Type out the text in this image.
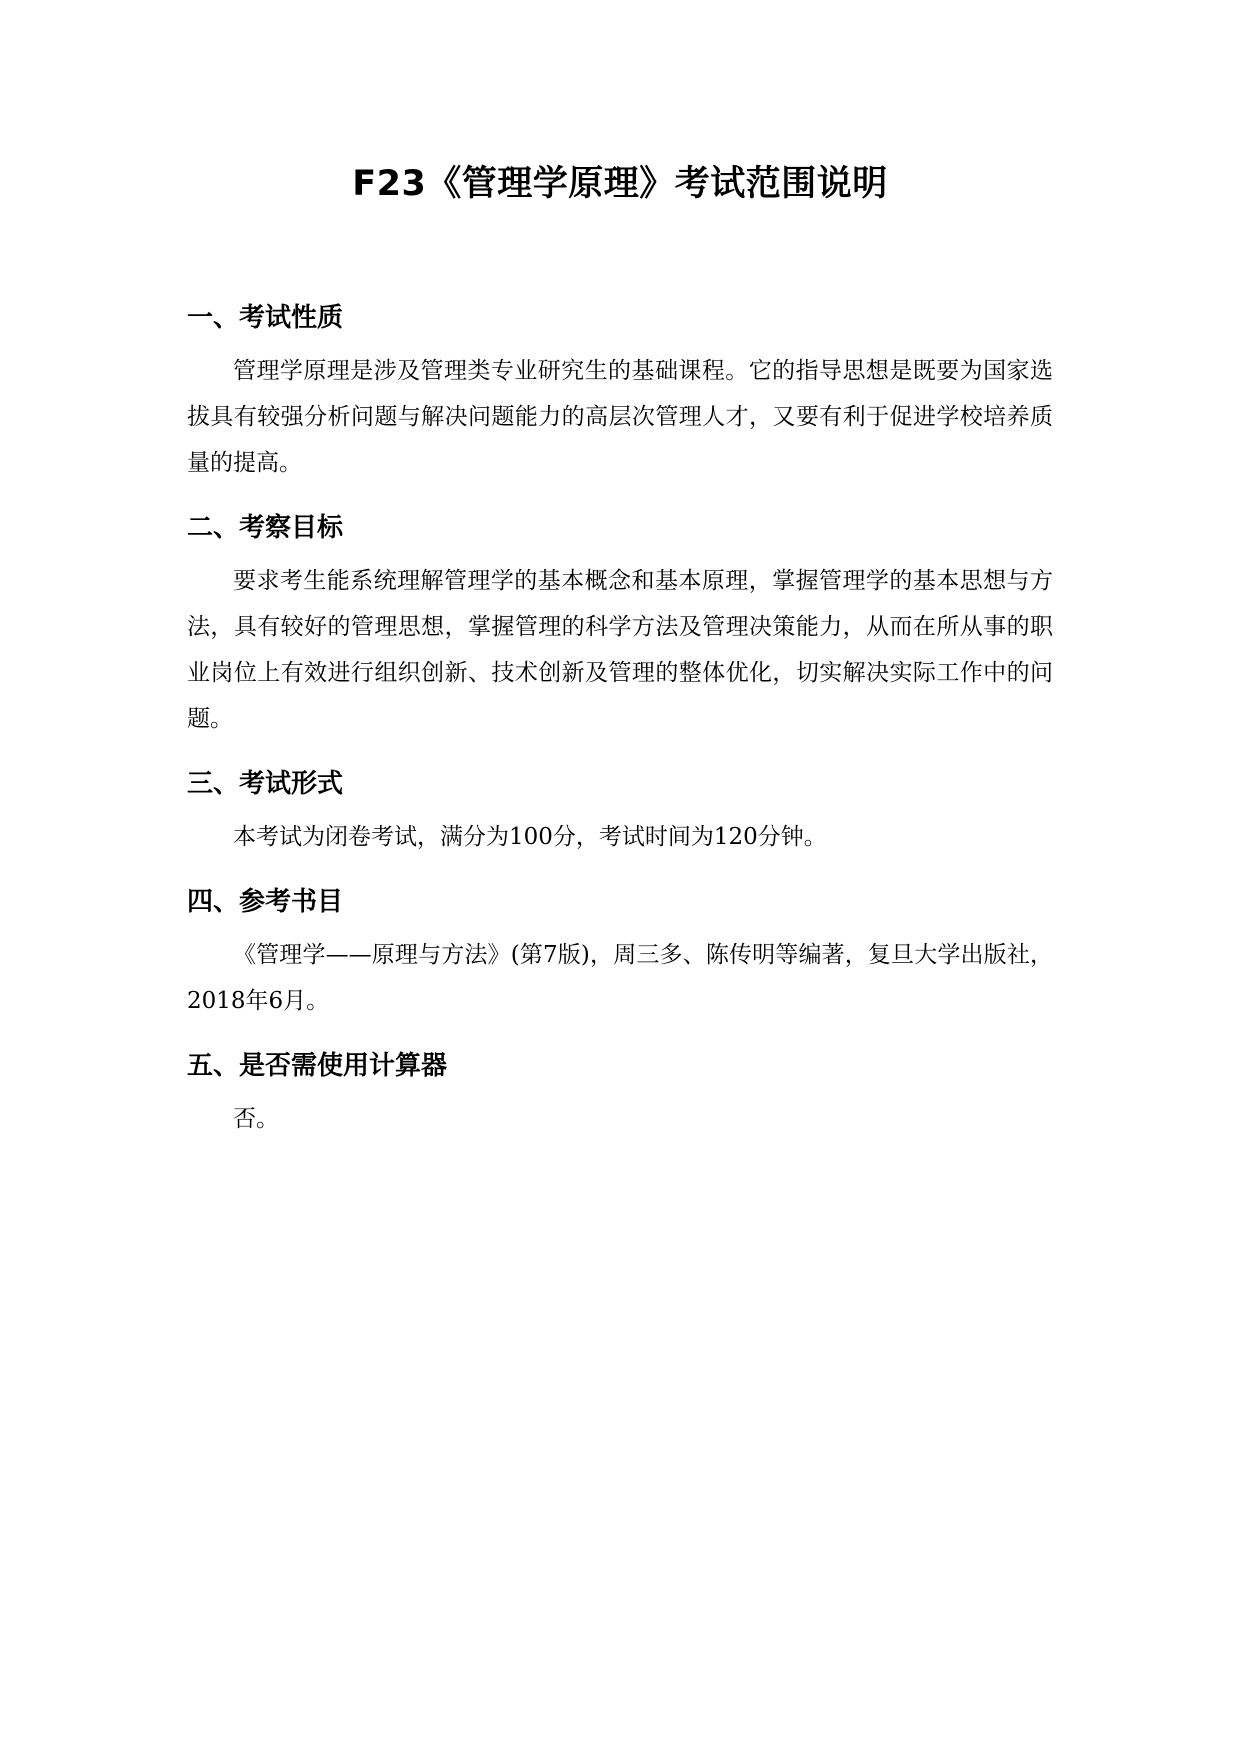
F23《管理学原理》考试范围说明
一、考试性质

管理学原理是涉及管理类专业研究生的基础课程。它的指导思想是既要为国家选拔具有较强分析问题与解决问题能力的高层次管理人才，又要有利于促进学校培养质量的提高。

二、考察目标

要求考生能系统理解管理学的基本概念和基本原理，掌握管理学的基本思想与方法，具有较好的管理思想，掌握管理的科学方法及管理决策能力，从而在所从事的职业岗位上有效进行组织创新、技术创新及管理的整体优化，切实解决实际工作中的问题。

三、考试形式

本考试为闭卷考试，满分为100分，考试时间为120分钟。

四、参考书目

《管理学——原理与方法》(第7版)，周三多、陈传明等编著，复旦大学出版社，2018年6月。

五、是否需使用计算器

否。
